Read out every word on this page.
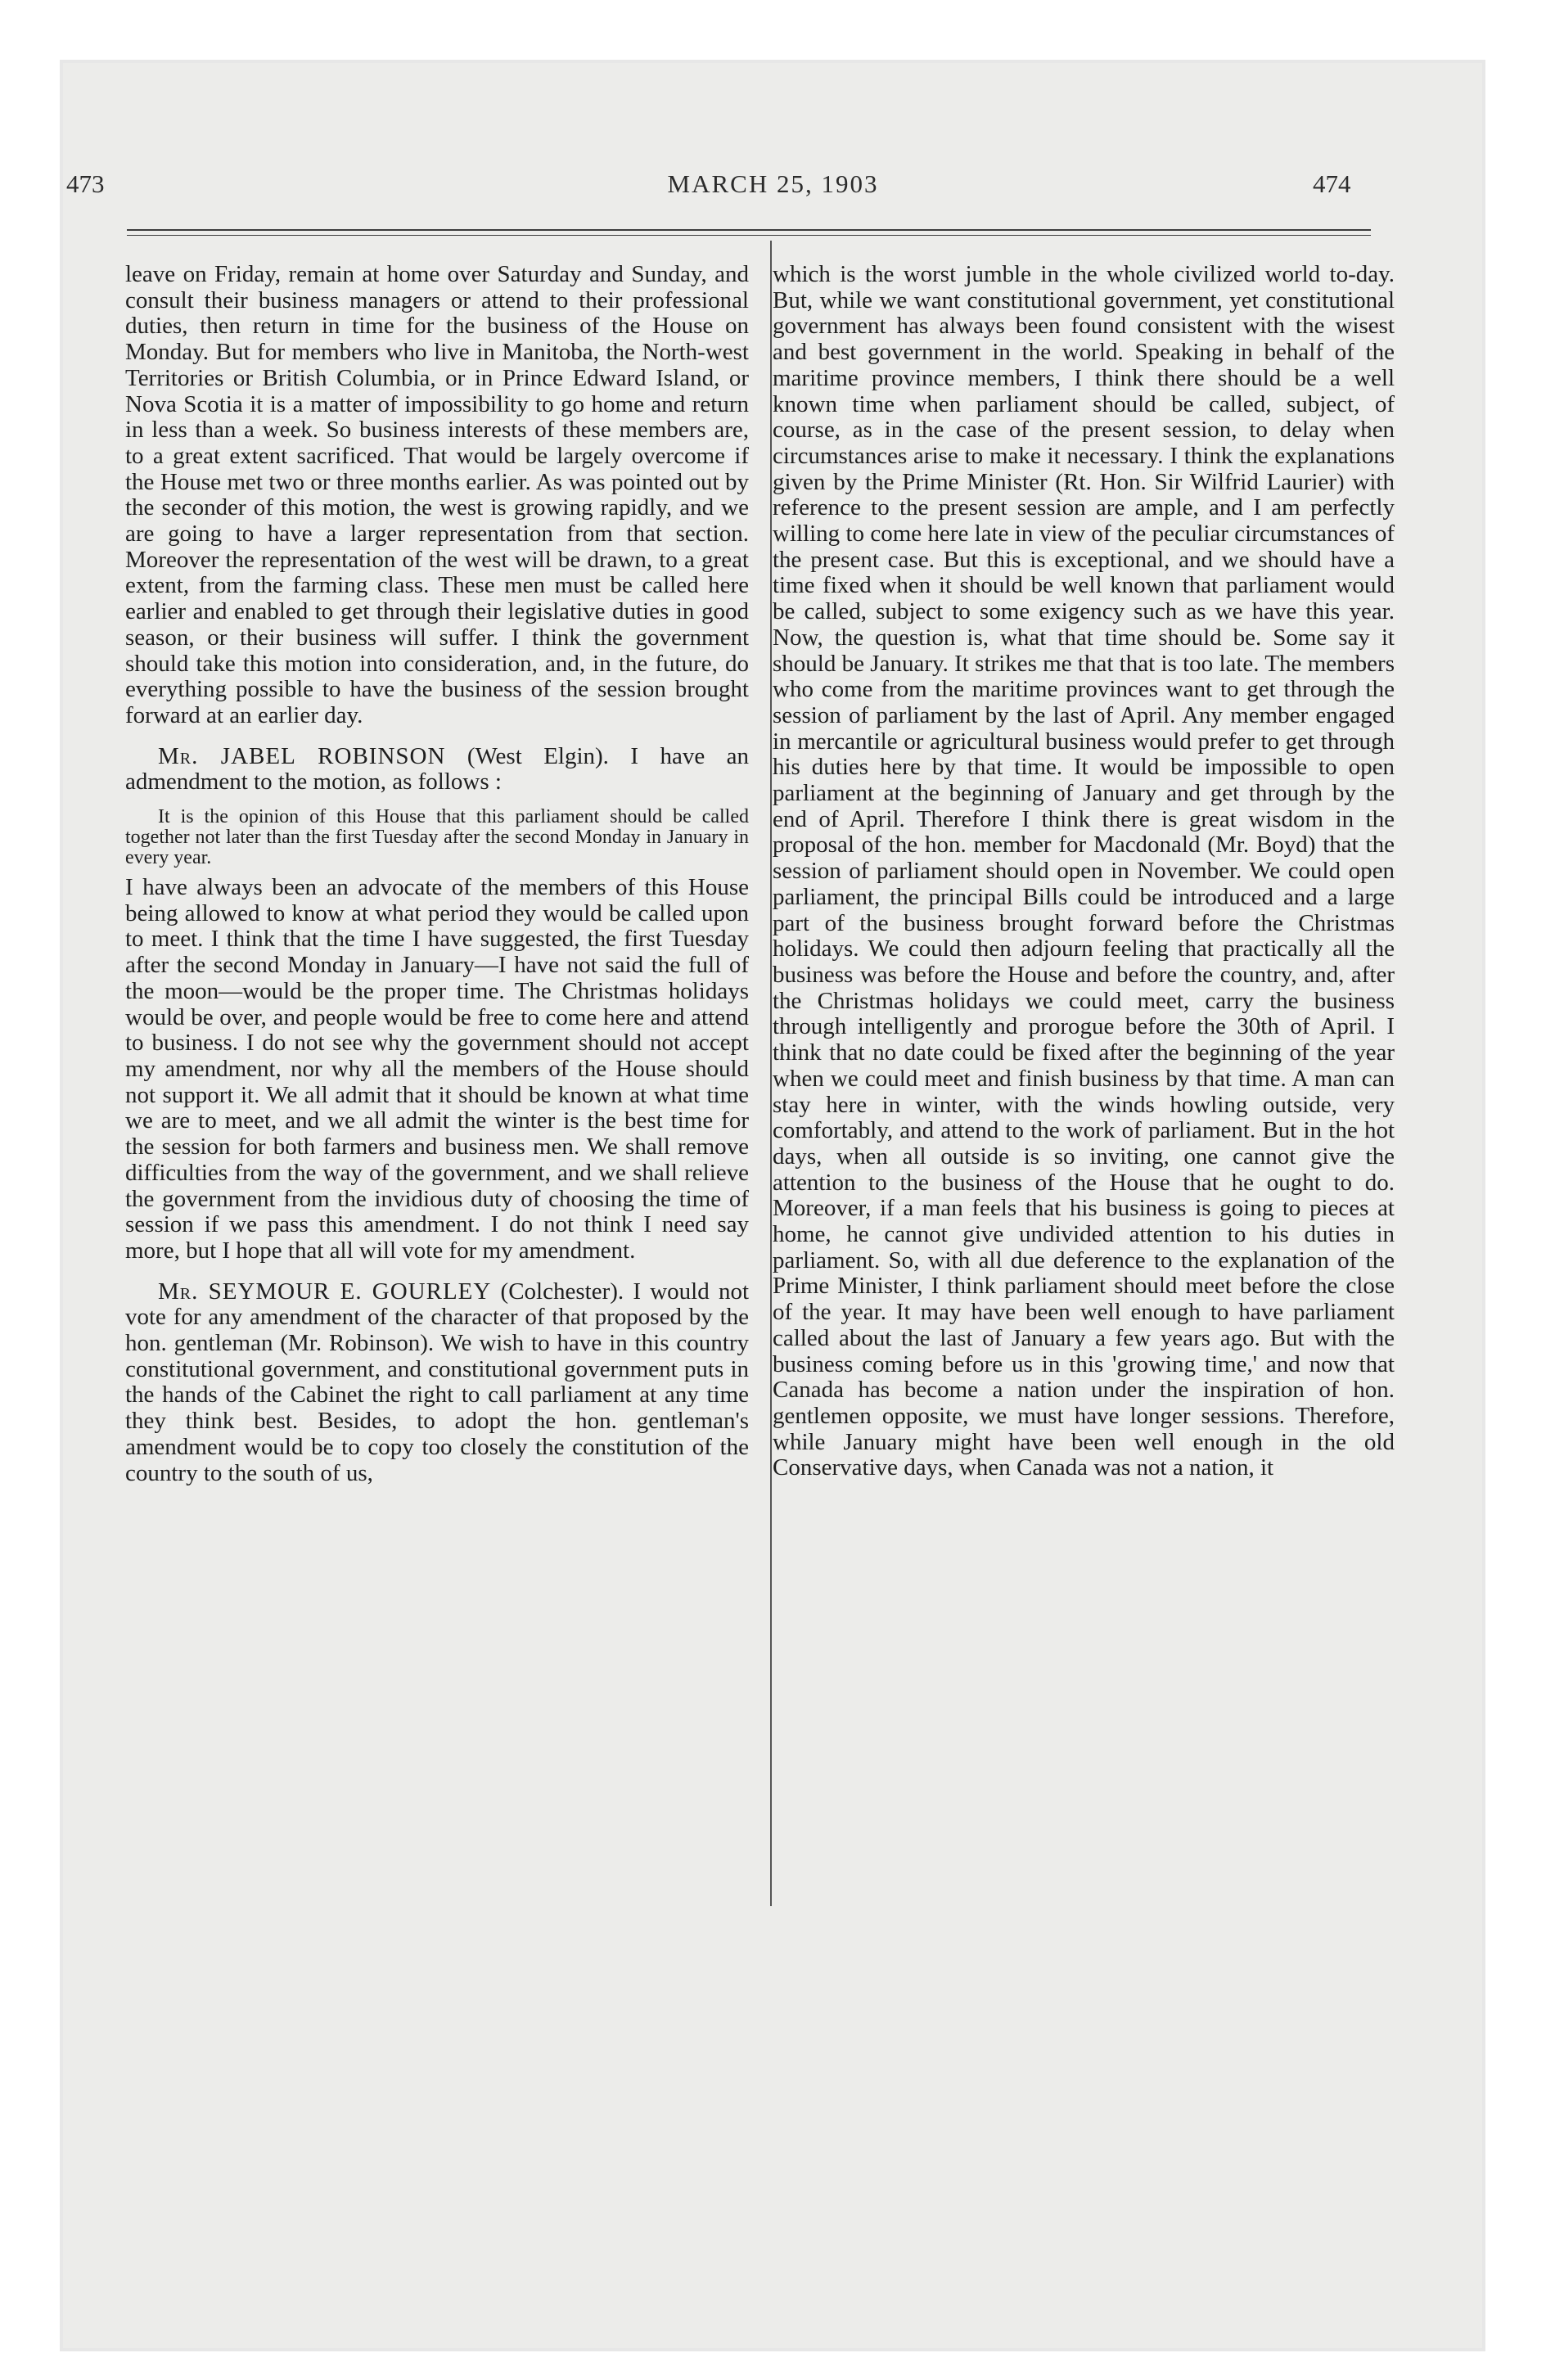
MARCH 25, 1903
473	474

leave on Friday, remain at home over Saturday and Sunday, and consult their business managers or attend to their professional duties, then return in time for the business of the House on Monday. But for members who live in Manitoba, the North-west Territories or British Columbia, or in Prince Edward Island, or Nova Scotia it is a matter of impossibility to go home and return in less than a week. So business interests of these members are, to a great extent sacrificed. That would be largely overcome if the House met two or three months earlier. As was pointed out by the seconder of this motion, the west is growing rapidly, and we are going to have a larger representation from that section. Moreover the representation of the west will be drawn, to a great extent, from the farming class. These men must be called here earlier and enabled to get through their legislative duties in good season, or their business will suffer. I think the government should take this motion into consideration, and, in the future, do everything possible to have the business of the session brought forward at an earlier day.

Mr. JABEL ROBINSON (West Elgin). I have an admendment to the motion, as follows :

It is the opinion of this House that this parliament should be called together not later than the first Tuesday after the second Monday in January in every year.

I have always been an advocate of the members of this House being allowed to know at what period they would be called upon to meet. I think that the time I have suggested, the first Tuesday after the second Monday in January—I have not said the full of the moon—would be the proper time. The Christmas holidays would be over, and people would be free to come here and attend to business. I do not see why the government should not accept my amendment, nor why all the members of the House should not support it. We all admit that it should be known at what time we are to meet, and we all admit the winter is the best time for the session for both farmers and business men. We shall remove difficulties from the way of the government, and we shall relieve the government from the invidious duty of choosing the time of session if we pass this amendment. I do not think I need say more, but I hope that all will vote for my amendment.

Mr. SEYMOUR E. GOURLEY (Colchester). I would not vote for any amendment of the character of that proposed by the hon. gentleman (Mr. Robinson). We wish to have in this country constitutional government, and constitutional government puts in the hands of the Cabinet the right to call parliament at any time they think best. Besides, to adopt the hon. gentleman's amendment would be to copy too closely the constitution of the country to the south of us,

which is the worst jumble in the whole civilized world to-day. But, while we want constitutional government, yet constitutional government has always been found consistent with the wisest and best government in the world. Speaking in behalf of the maritime province members, I think there should be a well known time when parliament should be called, subject, of course, as in the case of the present session, to delay when circumstances arise to make it necessary. I think the explanations given by the Prime Minister (Rt. Hon. Sir Wilfrid Laurier) with reference to the present session are ample, and I am perfectly willing to come here late in view of the peculiar circumstances of the present case. But this is exceptional, and we should have a time fixed when it should be well known that parliament would be called, subject to some exigency such as we have this year. Now, the question is, what that time should be. Some say it should be January. It strikes me that that is too late. The members who come from the maritime provinces want to get through the session of parliament by the last of April. Any member engaged in mercantile or agricultural business would prefer to get through his duties here by that time. It would be impossible to open parliament at the beginning of January and get through by the end of April. Therefore I think there is great wisdom in the proposal of the hon. member for Macdonald (Mr. Boyd) that the session of parliament should open in November. We could open parliament, the principal Bills could be introduced and a large part of the business brought forward before the Christmas holidays. We could then adjourn feeling that practically all the business was before the House and before the country, and, after the Christmas holidays we could meet, carry the business through intelligently and prorogue before the 30th of April. I think that no date could be fixed after the beginning of the year when we could meet and finish business by that time. A man can stay here in winter, with the winds howling outside, very comfortably, and attend to the work of parliament. But in the hot days, when all outside is so inviting, one cannot give the attention to the business of the House that he ought to do. Moreover, if a man feels that his business is going to pieces at home, he cannot give undivided attention to his duties in parliament. So, with all due deference to the explanation of the Prime Minister, I think parliament should meet before the close of the year. It may have been well enough to have parliament called about the last of January a few years ago. But with the business coming before us in this 'growing time,' and now that Canada has become a nation under the inspiration of hon. gentlemen opposite, we must have longer sessions. Therefore, while January might have been well enough in the old Conservative days, when Canada was not a nation, it
